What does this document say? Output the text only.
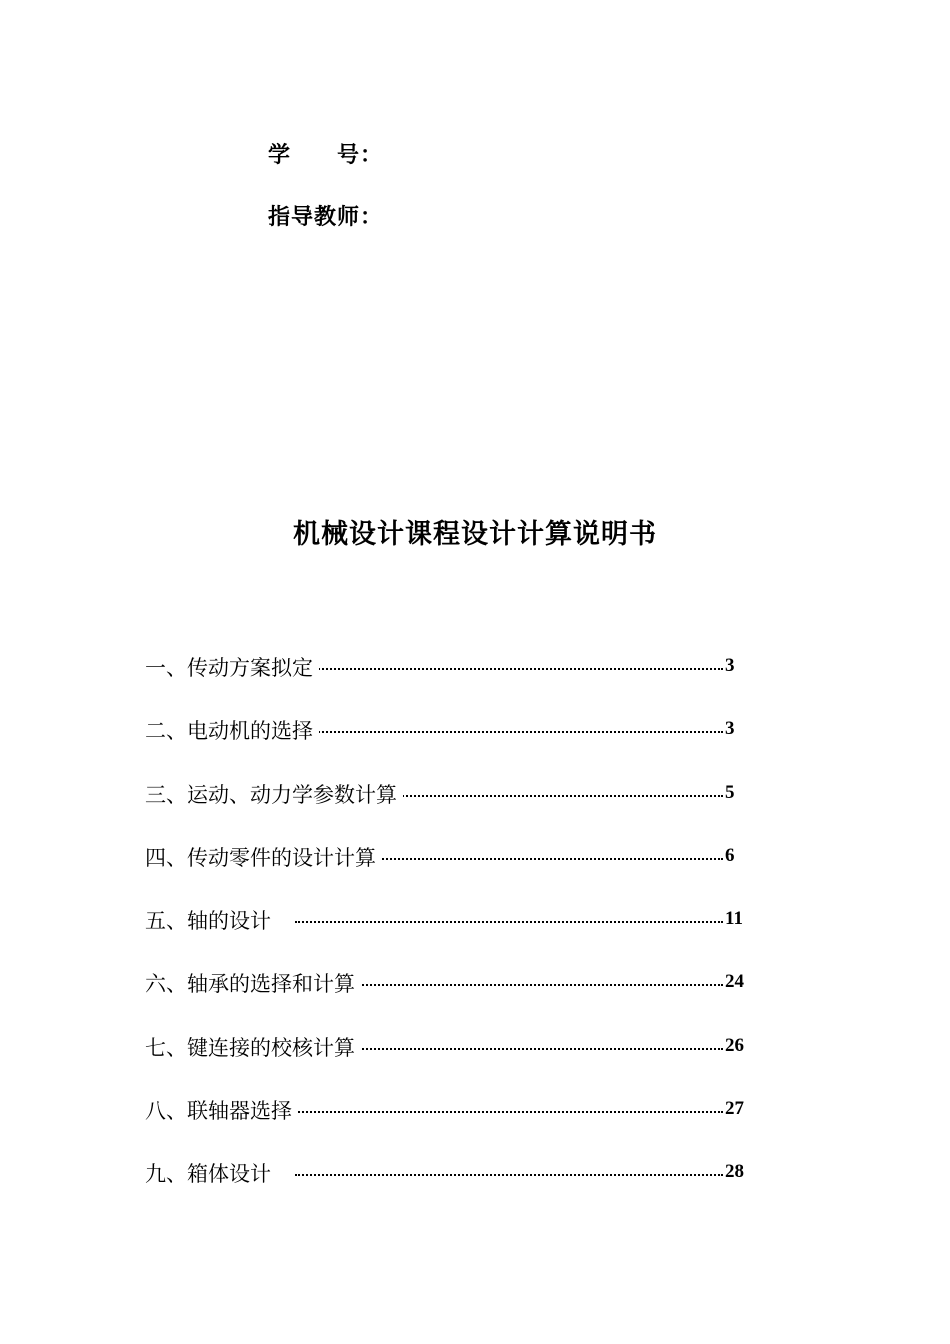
学　　号：
指导教师：
机械设计课程设计计算说明书
一、传动方案拟定	3
二、电动机的选择	3
三、运动、动力学参数计算	5
四、传动零件的设计计算	6
五、轴的设计	11
六、轴承的选择和计算	24
七、键连接的校核计算	26
八、联轴器选择	27
九、箱体设计	28
